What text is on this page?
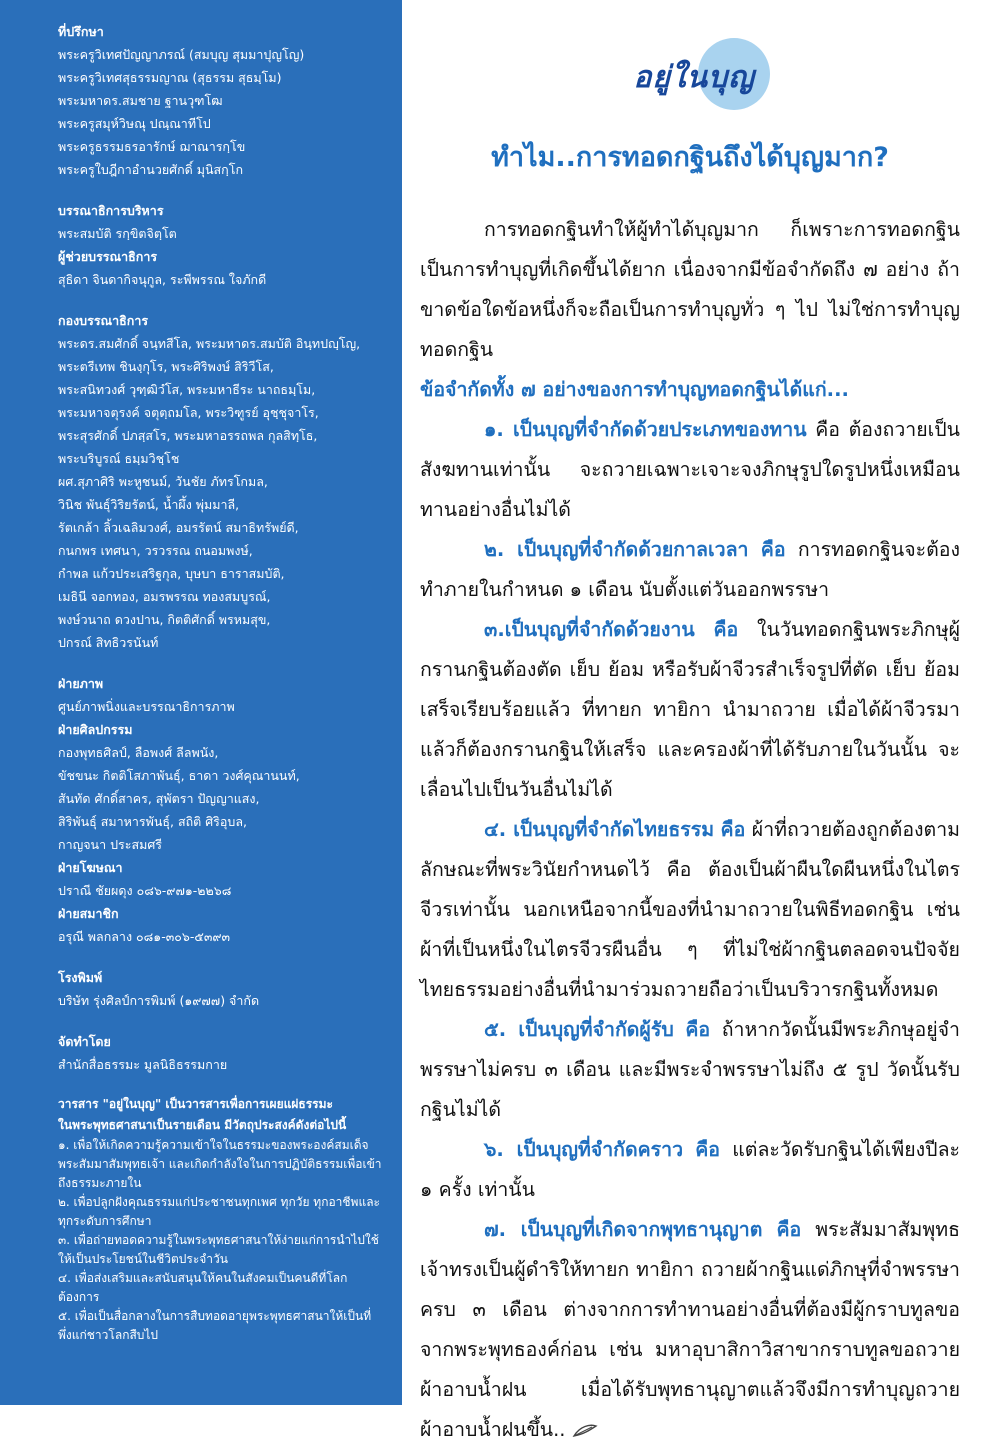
ที่ปรึกษา
พระครูวิเทศปัญญาภรณ์ (สมบุญ สุมมาปุญโญ)
พระครูวิเทศสุธรรมญาณ (สุธรรม สุธมฺโม)
พระมหาดร.สมชาย ฐานวุฑโฒ
พระครูสมุห์วิษณุ ปณฺณาทีโป
พระครูธรรมธรอารักษ์ ฌาณารกฺโข
พระครูใบฎีกาอำนวยศักดิ์ มุนิสกฺโก
บรรณาธิการบริหาร
พระสมบัติ รกฺขิตจิตฺโต
ผู้ช่วยบรรณาธิการ
สุธิดา จินดากิจนุกูล, ระพีพรรณ ใจภักดี
กองบรรณาธิการ
พระดร.สมศักดิ์ จนฺทสีโล, พระมหาดร.สมบัติ อินฺทปญฺโญ,
พระตรีเทพ ชินงฺกุโร, พระศิริพงษ์ สิริวีโส,
พระสนิทวงศ์ วุฑฺฒิวํโส, พระมหาธีระ นาถธมฺโม,
พระมหาจตุรงค์ จตุตฺถมโล, พระวิฑูรย์ อุชฺชุจาโร,
พระสุรศักดิ์ ปภสฺสโร, พระมหาอรรถพล กุลสิทฺโธ,
พระบริบูรณ์ ธมฺมวิชฺโช
ผศ.สุภาศิริ พะหูชนม์, วันชัย ภัทรโกมล,
วินิช พันธุ์วิริยรัตน์, น้ำผึ้ง พุ่มมาลี,
รัตเกล้า ลิ้วเฉลิมวงศ์, อมรรัตน์ สมาธิทรัพย์ดี,
กนกพร เทศนา, วรวรรณ ถนอมพงษ์,
กำพล แก้วประเสริฐกุล, บุษบา ธาราสมบัติ,
เมธินี จอกทอง, อมรพรรณ ทองสมบูรณ์,
พงษ์วนาถ ดวงปาน, กิตติศักดิ์ พรหมสุข,
ปกรณ์ สิทธิวรนันท์
ฝ่ายภาพ
ศูนย์ภาพนิ่งและบรรณาธิการภาพ
ฝ่ายศิลปกรรม
กองพุทธศิลป์, ลือพงศ์ ลีลพนัง,
ขัชขนะ กิตติโสภาพันธุ์, ธาดา วงศ์คุณานนท์,
สันทัด ศักดิ์สาคร, สุพัตรา ปัญญาแสง,
สิริพันธุ์ สมาหารพันธุ์, สถิติ ศิริอุบล,
กาญจนา ประสมศรี
ฝ่ายโฆษณา
ปราณี ชัยผดุง ๐๘๖-๙๗๑-๒๒๖๘
ฝ่ายสมาชิก
อรุณี พลกลาง ๐๘๑-๓๐๖-๕๓๙๓
โรงพิมพ์
บริษัท รุ่งศิลป์การพิมพ์ (๑๙๗๗) จำกัด
จัดทำโดย
สำนักสื่อธรรมะ มูลนิธิธรรมกาย
วารสาร "อยู่ในบุญ" เป็นวารสารเพื่อการเผยแผ่ธรรมะ
ในพระพุทธศาสนาเป็นรายเดือน มีวัตถุประสงค์ดังต่อไปนี้
๑. เพื่อให้เกิดความรู้ความเข้าใจในธรรมะของพระองค์สมเด็จพระสัมมาสัมพุทธเจ้า และเกิดกำลังใจในการปฏิบัติธรรมเพื่อเข้าถึงธรรมะภายใน
๒. เพื่อปลูกฝังคุณธรรมแก่ประชาชนทุกเพศ ทุกวัย ทุกอาชีพและทุกระดับการศึกษา
๓. เพื่อถ่ายทอดความรู้ในพระพุทธศาสนาให้ง่ายแก่การนำไปใช้ให้เป็นประโยชน์ในชีวิตประจำวัน
๔. เพื่อส่งเสริมและสนับสนุนให้คนในสังคมเป็นคนดีที่โลกต้องการ
๕. เพื่อเป็นสื่อกลางในการสืบทอดอายุพระพุทธศาสนาให้เป็นที่พึ่งแก่ชาวโลกสืบไป
อยู่ในบุญ
ทำไม..การทอดกฐินถึงได้บุญมาก?

การทอดกฐินทำให้ผู้ทำได้บุญมาก ก็เพราะการทอดกฐินเป็นการทำบุญที่เกิดขึ้นได้ยาก เนื่องจากมีข้อจำกัดถึง ๗ อย่าง ถ้าขาดข้อใดข้อหนึ่งก็จะถือเป็นการทำบุญทั่ว ๆ ไป ไม่ใช่การทำบุญทอดกฐิน

ข้อจำกัดทั้ง ๗ อย่างของการทำบุญทอดกฐินได้แก่...

๑. เป็นบุญที่จำกัดด้วยประเภทของทาน คือ ต้องถวายเป็นสังฆทานเท่านั้น จะถวายเฉพาะเจาะจงภิกษุรูปใดรูปหนึ่งเหมือนทานอย่างอื่นไม่ได้

๒. เป็นบุญที่จำกัดด้วยกาลเวลา คือ การทอดกฐินจะต้องทำภายในกำหนด ๑ เดือน นับตั้งแต่วันออกพรรษา

๓.เป็นบุญที่จำกัดด้วยงาน คือ ในวันทอดกฐินพระภิกษุผู้กรานกฐินต้องตัด เย็บ ย้อม หรือรับผ้าจีวรสำเร็จรูปที่ตัด เย็บ ย้อมเสร็จเรียบร้อยแล้ว ที่ทายก ทายิกา นำมาถวาย เมื่อได้ผ้าจีวรมาแล้วก็ต้องกรานกฐินให้เสร็จ และครองผ้าที่ได้รับภายในวันนั้น จะเลื่อนไปเป็นวันอื่นไม่ได้

๔. เป็นบุญที่จำกัดไทยธรรม คือ ผ้าที่ถวายต้องถูกต้องตามลักษณะที่พระวินัยกำหนดไว้ คือ ต้องเป็นผ้าผืนใดผืนหนึ่งในไตรจีวรเท่านั้น นอกเหนือจากนี้ของที่นำมาถวายในพิธีทอดกฐิน เช่น ผ้าที่เป็นหนึ่งในไตรจีวรผืนอื่น ๆ ที่ไม่ใช่ผ้ากฐินตลอดจนปัจจัยไทยธรรมอย่างอื่นที่นำมาร่วมถวายถือว่าเป็นบริวารกฐินทั้งหมด

๕. เป็นบุญที่จำกัดผู้รับ คือ ถ้าหากวัดนั้นมีพระภิกษุอยู่จำพรรษาไม่ครบ ๓ เดือน และมีพระจำพรรษาไม่ถึง ๕ รูป วัดนั้นรับกฐินไม่ได้

๖. เป็นบุญที่จำกัดคราว คือ แต่ละวัดรับกฐินได้เพียงปีละ ๑ ครั้ง เท่านั้น

๗. เป็นบุญที่เกิดจากพุทธานุญาต คือ พระสัมมาสัมพุทธเจ้าทรงเป็นผู้ดำริให้ทายก ทายิกา ถวายผ้ากฐินแด่ภิกษุที่จำพรรษาครบ ๓ เดือน ต่างจากการทำทานอย่างอื่นที่ต้องมีผู้กราบทูลขอจากพระพุทธองค์ก่อน เช่น มหาอุบาสิกาวิสาขากราบทูลขอถวายผ้าอาบน้ำฝน เมื่อได้รับพุทธานุญาตแล้วจึงมีการทำบุญถวายผ้าอาบน้ำฝนขึ้น..
